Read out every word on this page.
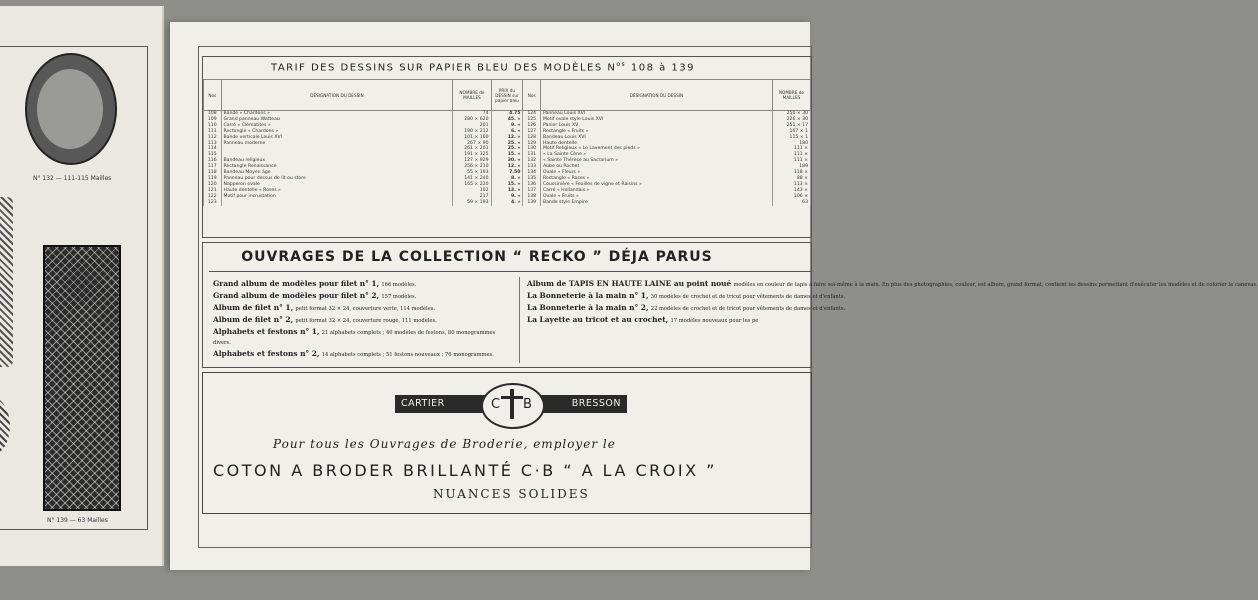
N° 132 — 111-115 Mailles
N° 139 — 63 Mailles
TARIF DES DESSINS SUR PAPIER BLEU DES MODÈLES $N^{os}$ 108 à 139
Nos	DÉSIGNATION DU DESSIN	NOMBRE de MAILLES	PRIX du DESSIN sur papier bleu	Nos	DÉSIGNATION DU DESSIN	NOMBRE de MAILLES
108	Bande « Chardons »	74	4.75	124	Panneau Louis XVI	250 × 30
109	Grand panneau Watteau	280 × 620	45. »	125	Motif ovale style Louis XVI	226 × 30
110	Carré « Clématites »	201	9. »	126	Panier Louis XV	251 × 17
111	Rectangle « Chardons »	190 × 212	6. »	127	Rectangle « Fruits »	167 × 1
112	Bande verticale Louis XVI	101 × 160	12. »	128	Bandeau Louis XVI	115 × 1
113	Panneau moderne	267 × 90	25. »	129	Haute dentelle	180
114		261 × 201	25. »	130	Motif Religieux « Le Lavement des pieds »	111 ×
115		191 × 325	15. »	131	« La Sainte Cène »	111 ×
116	Bandeau religieux	127 × 929	30. »	132	« Sainte Thérèse au Sacrarium »	111 ×
117	Rectangle Renaissance	256 × 210	12. »	133	Aube ou Rochet	189
118	Bandeau Moyen âge	55 × 193	7.50	134	Ovale « Fleurs »	118 ×
119	Panneau pour dessus de lit ou store	141 × 240	8. »	135	Rectangle « Roses »	88 ×
120	Napperon ovale	165 × 220	15. »	136	Coussinière « Feuilles de vigne et Raisins »	113 ×
121	Haute dentelle « Roses »	102	13. »	137	Carré « Hollandais »	143 ×
122	Motif pour incrustation	217	9. »	138	Ovale « Fruits »	106 ×
123		59 × 193	4. »	139	Bande style Empire	63
OUVRAGES DE LA COLLECTION “ RECKO ” DÉJA PARUS
Grand album de modèles pour filet n° 1, 166 modèles.
Grand album de modèles pour filet n° 2, 157 modèles.
Album de filet n° 1, petit format 32 × 24, couverture verte, 114 modèles.
Album de filet n° 2, petit format 32 × 24, couverture rouge, 111 modèles.
Alphabets et festons n° 1, 21 alphabets complets ; 40 modèles de festons, 80 monogrammes divers.
Alphabets et festons n° 2, 14 alphabets complets ; 51 festons nouveaux ; 76 monogrammes.
Album de TAPIS EN HAUTE LAINE au point noué modèles en couleur de tapis à faire soi-même à la main. En plus des photographies, couleur, est album, grand format, contient les dessins permettant d'exécuter les modèles et de colorier le canevas.
La Bonneterie à la main n° 1, 30 modèles de crochet et de tricot pour vêtements de dames et d'enfants.
La Bonneterie à la main n° 2, 22 modèles de crochet et de tricot pour vêtements de dames et d'enfants.
La Layette au tricot et au crochet, 17 modèles nouveaux pour les pe
CARTIER	BRESSON
C B
Pour tous les Ouvrages de Broderie, employer le
COTON A BRODER BRILLANTÉ C·B “ A LA CROIX ”
NUANCES SOLIDES
